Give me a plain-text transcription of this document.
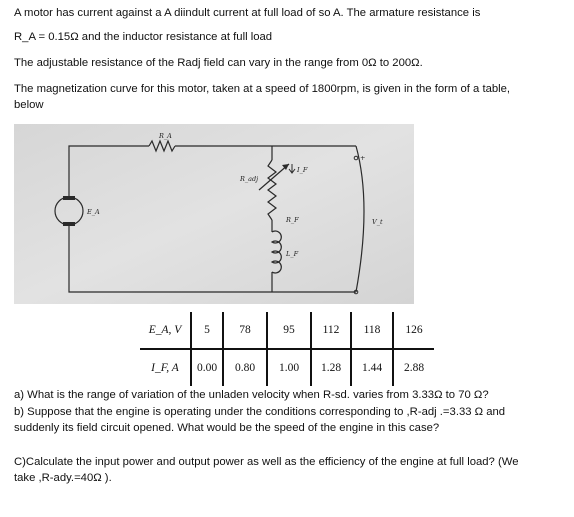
A motor has current against a A diindult current at full load of so A. The armature resistance is
R_A = 0.15Ω and the inductor resistance at full load
The adjustable resistance of the Radj field can vary in the range from 0Ω to 200Ω.
The magnetization curve for this motor, taken at a speed of 1800rpm, is given in the form of a table,
below
R_A
R_adj
I_F
R_F
L_F
E_A
V_t
+
E_A, V	5	78	95	112	118	126
I_F, A	0.00	0.80	1.00	1.28	1.44	2.88
a) What is the range of variation of the unladen velocity when R-sd. varies from 3.33Ω to 70 Ω?
b) Suppose that the engine is operating under the conditions corresponding to ,R-adj .=3.33 Ω and
suddenly its field circuit opened. What would be the speed of the engine in this case?
C)Calculate the input power and output power as well as the efficiency of the engine at full load? (We
take ,R-ady.=40Ω ).
